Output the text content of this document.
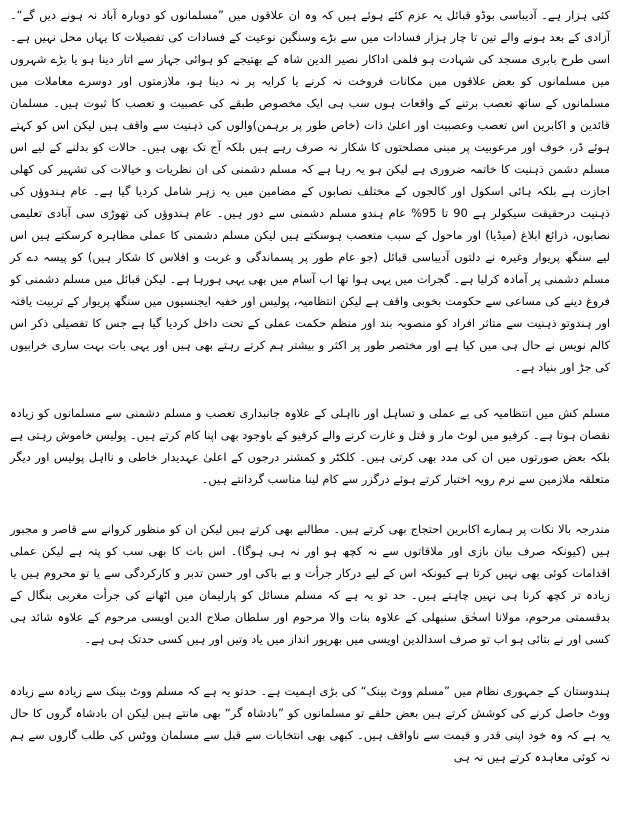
کئی ہزار ہے۔ آدیباسی بوڈو قبائل یہ عزم کئے ہوئے ہیں کہ وہ ان علاقوں میں ”مسلمانوں کو دوبارہ آباد نہ ہونے دیں گے“۔ آزادی کے بعد ہونے والے تین تا چار ہزار فسادات میں سے بڑے وسنگین نوعیت کے فسادات کی تفصیلات کا یہاں محل نہیں ہے۔ اسی طرح بابری مسجد کی شہادت ہو فلمی اداکار نصیر الدین شاہ کے بھتیجے کو ہوائی جہاز سے اتار دینا ہو یا بڑے شہروں میں مسلمانوں کو بعض علاقوں میں مکانات فروخت نہ کرنے یا کرایہ پر نہ دینا ہو، ملازمتوں اور دوسرے معاملات میں مسلمانوں کے ساتھ تعصب برتنے کے واقعات ہوں سب ہی ایک مخصوص طبقے کی عصبیت و تعصب کا ثبوت ہیں۔ مسلمان قائدین و اکابرین اس تعصب وعصبیت اور اعلیٰ ذات (خاص طور پر برہمن)والوں کی ذہنیت سے واقف ہیں لیکن اس کو کہتے ہوئے ڈر، خوف اور مرعوبیت پر مبنی مصلحتوں کا شکار نہ صرف رہے ہیں بلکہ آج تک بھی ہیں۔ حالات کو بدلنے کے لیے اس مسلم دشمن ذہنیت کا خاتمہ ضروری ہے لیکن ہو یہ رہا ہے کہ مسلم دشمنی کی ان نظریات و خیالات کی تشہیر کی کھلی اجازت ہے بلکہ ہائی اسکول اور کالجوں کے مختلف نصابوں کے مضامین میں یہ زہر شامل کردیا گیا ہے۔ عام ہندوؤں کی ذہنیت درحقیقت سیکولر ہے 90 تا 95% عام ہندو مسلم دشمنی سے دور ہیں۔ عام ہندوؤں کی تھوڑی سی آبادی تعلیمی نصابوں، ذرائع ابلاغ (میڈیا) اور ماحول کے سبب متعصب ہوسکتے ہیں لیکن مسلم دشمنی کا عملی مظاہرہ کرسکتے ہیں اس لیے سنگھ پریوار وغیرہ نے دلتوں آدیباسی قبائل (جو عام طور پر پسماندگی و غربت و افلاس کا شکار ہیں) کو پیسہ دے کر مسلم دشمنی پر آمادہ کرلیا ہے۔ گجرات میں یہی ہوا تھا اب آسام میں بھی یہی ہورہا ہے۔ لیکن قبائل میں مسلم دشمنی کو فروغ دینے کی مساعی سے حکومت بخوبی واقف ہے لیکن انتظامیہ، پولیس اور خفیہ ایجنسیوں میں سنگھ پریوار کے تربیت یافتہ اور ہندوتو ذہنیت سے متاثر افراد کو منصوبہ بند اور منظم حکمت عملی کے تحت داخل کردیا گیا ہے جس کا تفصیلی ذکر اس کالم نویس نے حال ہی میں کیا ہے اور مختصر طور پر اکثر و بیشتر ہم کرتے رہتے بھی ہیں اور یہی بات بہت ساری خرابیوں کی جڑ اور بنیاد ہے۔

مسلم کش میں انتظامیہ کی بے عملی و تساہل اور نااہلی کے علاوہ جانبداری تعصب و مسلم دشمنی سے مسلمانوں کو زیادہ نقصان ہوتا ہے۔ کرفیو میں لوٹ مار و قتل و غارت کرنے والے کرفیو کے باوجود بھی اپنا کام کرتے ہیں۔ پولیس خاموش رہتی ہے بلکہ بعض صورتوں میں ان کی مدد بھی کرتی ہیں۔ کلکٹر و کمشنر درجوں کے اعلیٰ عہدیدار خاطی و نااہل پولیس اور دیگر متعلقہ ملازمین سے نرم رویہ اختیار کرتے ہوئے درگزر سے کام لینا مناسب گردانتے ہیں۔

مندرجہ بالا نکات پر ہمارے اکابرین احتجاج بھی کرتے ہیں۔ مطالبے بھی کرتے ہیں لیکن ان کو منظور کروانے سے قاصر و مجبور ہیں (کیونکہ صرف بیان بازی اور ملاقاتوں سے نہ کچھ ہو اور نہ ہی ہوگا)۔ اس بات کا بھی سب کو پتہ ہے لیکن عملی اقدامات کوئی بھی نہیں کرتا ہے کیونکہ اس کے لیے درکار جرأت و بے باکی اور حسن تدبر و کارکردگی سے یا تو محروم ہیں یا زیادہ تر کچھ کرنا ہی نہیں چاہتے ہیں۔ حد تو یہ ہے کہ مسلم مسائل کو پارلیمان میں اٹھانے کی جرأت مغربی بنگال کے بدقسمتی مرحوم، مولانا اسحٰق سنبھلی کے علاوہ بنات والا مرحوم اور سلطان صلاح الدین اویسی مرحوم کے علاوہ شائد ہی کسی اور نے بتائی ہو اب تو صرف اسدالدین اویسی میں بھرپور انداز میں یاد وتیں اور ہیں کسی حدتک ہی ہے۔

ہندوستان کے جمہوری نظام میں ”مسلم ووٹ بینک“ کی بڑی اہمیت ہے۔ حدتو یہ ہے کہ مسلم ووٹ بینک سے زیادہ سے زیادہ ووٹ حاصل کرنے کی کوشش کرتے ہیں بعض حلقے تو مسلمانوں کو ”بادشاہ گر“ بھی مانتے ہیں لیکن ان بادشاہ گروں کا حال یہ ہے کہ وہ خود اپنی قدر و قیمت سے ناواقف ہیں۔ کبھی بھی انتخابات سے قبل سے مسلمان ووٹس کی طلب گاروں سے ہم نہ کوئی معاہدہ کرتے ہیں نہ ہی
